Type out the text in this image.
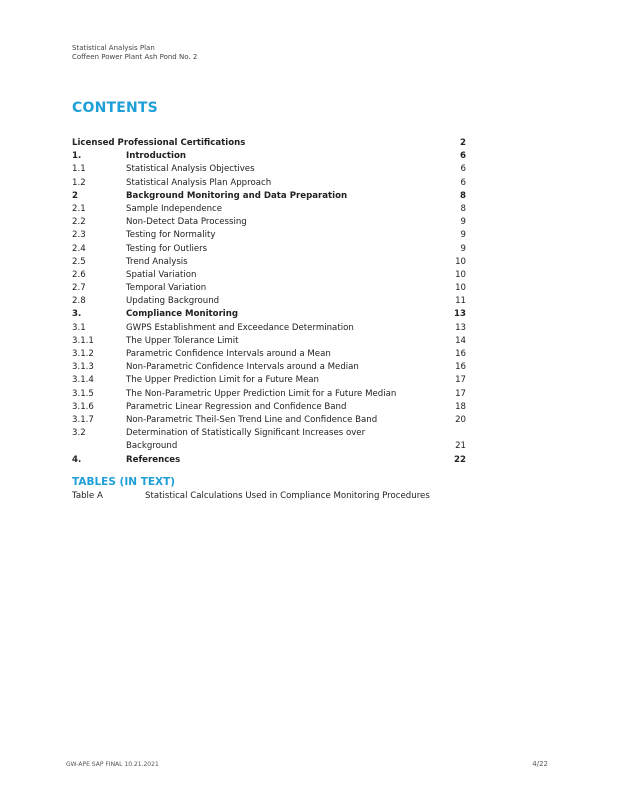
Statistical Analysis Plan
Coffeen Power Plant Ash Pond No. 2
CONTENTS
Licensed Professional Certifications	2
1.	Introduction	6
1.1	Statistical Analysis Objectives	6
1.2	Statistical Analysis Plan Approach	6
2	Background Monitoring and Data Preparation	8
2.1	Sample Independence	8
2.2	Non-Detect Data Processing	9
2.3	Testing for Normality	9
2.4	Testing for Outliers	9
2.5	Trend Analysis	10
2.6	Spatial Variation	10
2.7	Temporal Variation	10
2.8	Updating Background	11
3.	Compliance Monitoring	13
3.1	GWPS Establishment and Exceedance Determination	13
3.1.1	The Upper Tolerance Limit	14
3.1.2	Parametric Confidence Intervals around a Mean	16
3.1.3	Non-Parametric Confidence Intervals around a Median	16
3.1.4	The Upper Prediction Limit for a Future Mean	17
3.1.5	The Non-Parametric Upper Prediction Limit for a Future Median	17
3.1.6	Parametric Linear Regression and Confidence Band	18
3.1.7	Non-Parametric Theil-Sen Trend Line and Confidence Band	20
3.2	Determination of Statistically Significant Increases over
Background	21
4.	References	22
TABLES (IN TEXT)
Table A	Statistical Calculations Used in Compliance Monitoring Procedures
GW-APE SAP FINAL 10.21.2021	4/22
